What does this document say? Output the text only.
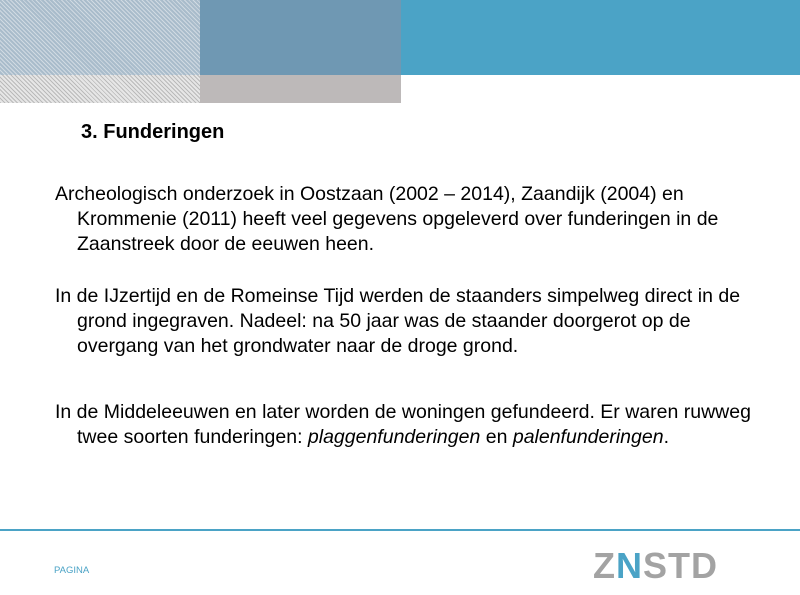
3. Funderingen

Archeologisch onderzoek in Oostzaan (2002 – 2014), Zaandijk (2004) en Krommenie (2011) heeft veel gegevens opgeleverd over funderingen in de Zaanstreek door de eeuwen heen.

In de IJzertijd en de Romeinse Tijd werden de staanders simpelweg direct in de grond ingegraven. Nadeel: na 50 jaar was de staander doorgerot op de overgang van het grondwater naar de droge grond.

In de Middeleeuwen en later worden de woningen gefundeerd. Er waren ruwweg twee soorten funderingen: plaggenfunderingen en palenfunderingen.

PAGINA	ZNSTD
